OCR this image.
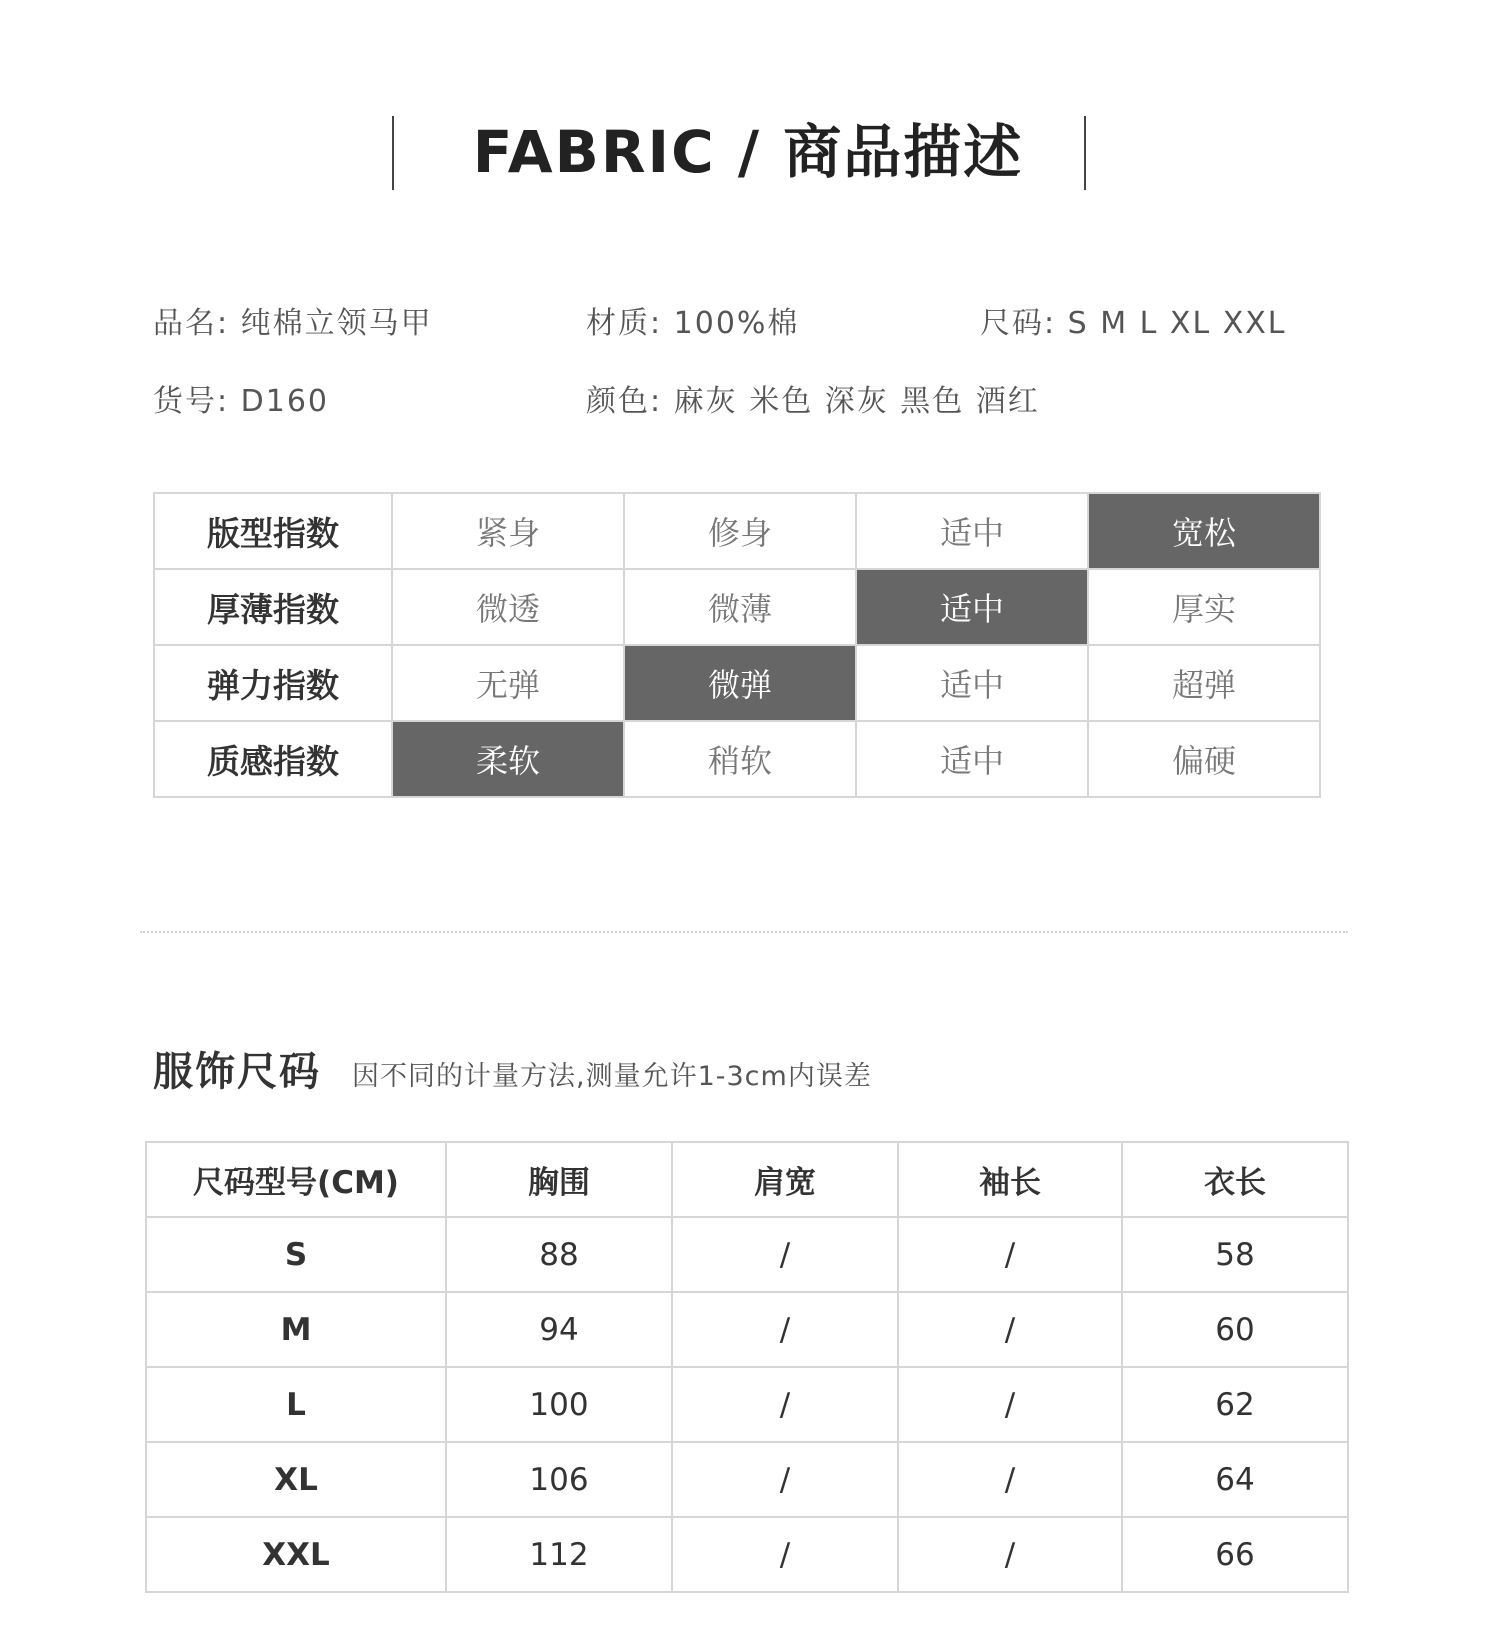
FABRIC / 商品描述
品名: 纯棉立领马甲	材质: 100%棉	尺码: S M L XL XXL
货号: D160	颜色: 麻灰 米色 深灰 黑色 酒红
版型指数	紧身	修身	适中	宽松
厚薄指数	微透	微薄	适中	厚实
弹力指数	无弹	微弹	适中	超弹
质感指数	柔软	稍软	适中	偏硬
服饰尺码 因不同的计量方法,测量允许1-3cm内误差
尺码型号(CM)	胸围	肩宽	袖长	衣长
S	88	/	/	58
M	94	/	/	60
L	100	/	/	62
XL	106	/	/	64
XXL	112	/	/	66
